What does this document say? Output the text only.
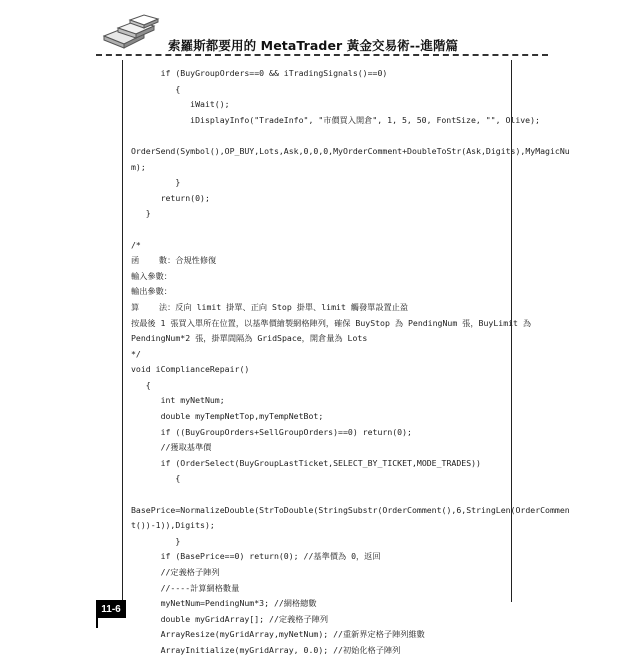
索羅斯都要用的 MetaTrader 黃金交易術--進階篇
if (BuyGroupOrders==0 && iTradingSignals()==0)
{
iWait();
iDisplayInfo("TradeInfo", "市價買入開倉", 1, 5, 50, FontSize, "", Olive);
OrderSend(Symbol(),OP_BUY,Lots,Ask,0,0,0,MyOrderComment+DoubleToStr(Ask,Digits),MyMagicNu
m);
}
return(0);
}
/*
函    數：合規性修復
輸入參數：
輸出參數：
算    法：反向 limit 掛單、正向 Stop 掛單、limit 觸發單設置止盈
按最後 1 張買入單所在位置，以基準價繪製網格陣列，確保 BuyStop 為 PendingNum 張，BuyLimit 為
PendingNum*2 張，掛單間隔為 GridSpace，開倉量為 Lots
*/
void iComplianceRepair()
{
int myNetNum;
double myTempNetTop,myTempNetBot;
if ((BuyGroupOrders+SellGroupOrders)==0) return(0);
//獲取基準價
if (OrderSelect(BuyGroupLastTicket,SELECT_BY_TICKET,MODE_TRADES))
{
BasePrice=NormalizeDouble(StrToDouble(StringSubstr(OrderComment(),6,StringLen(OrderCommen
t())-1)),Digits);
}
if (BasePrice==0) return(0); //基準價為 0，返回
//定義格子陣列
//----計算網格數量
myNetNum=PendingNum*3; //網格總數
double myGridArray[]; //定義格子陣列
ArrayResize(myGridArray,myNetNum); //重新界定格子陣列維數
ArrayInitialize(myGridArray, 0.0); //初始化格子陣列
11-6
